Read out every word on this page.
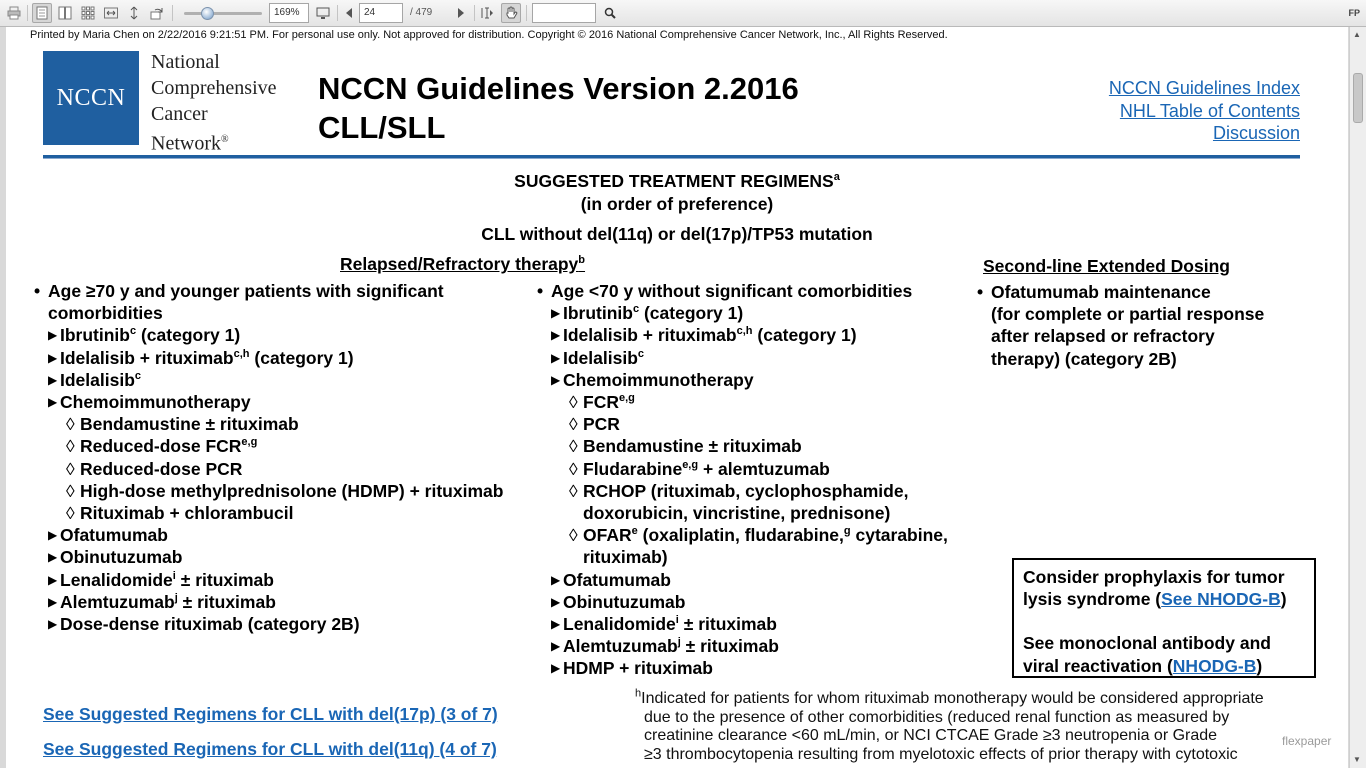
169%	24	/ 479	FP
▲
▼
Printed by Maria Chen on 2/22/2016 9:21:51 PM. For personal use only. Not approved for distribution. Copyright © 2016 National Comprehensive Cancer Network, Inc., All Rights Reserved.
NCCN
National
Comprehensive
Cancer
Network®
NCCN Guidelines Version 2.2016
CLL/SLL
NCCN Guidelines Index
NHL Table of Contents
Discussion
SUGGESTED TREATMENT REGIMENS$^a$
(in order of preference)
CLL without del(11q) or del(17p)/TP53 mutation
Relapsed/Refractory therapy$^b$	Second-line Extended Dosing
• Age ≥70 y and younger patients with significant
comorbidities
▶ Ibrutinib$^c$ (category 1)
▶ Idelalisib + rituximab$^{c,h}$ (category 1)
▶ Idelalisib$^c$
▶ Chemoimmunotherapy
◊ Bendamustine ± rituximab
◊ Reduced-dose FCR$^{e,g}$
◊ Reduced-dose PCR
◊ High-dose methylprednisolone (HDMP) + rituximab
◊ Rituximab + chlorambucil
▶ Ofatumumab
▶ Obinutuzumab
▶ Lenalidomide$^i$ ± rituximab
▶ Alemtuzumab$^j$ ± rituximab
▶ Dose-dense rituximab (category 2B)
• Age <70 y without significant comorbidities
▶ Ibrutinib$^c$ (category 1)
▶ Idelalisib + rituximab$^{c,h}$ (category 1)
▶ Idelalisib$^c$
▶ Chemoimmunotherapy
◊ FCR$^{e,g}$
◊ PCR
◊ Bendamustine ± rituximab
◊ Fludarabine$^{e,g}$ + alemtuzumab
◊ RCHOP (rituximab, cyclophosphamide,
doxorubicin, vincristine, prednisone)
◊ OFAR$^e$ (oxaliplatin, fludarabine,$^g$ cytarabine,
rituximab)
▶ Ofatumumab
▶ Obinutuzumab
▶ Lenalidomide$^i$ ± rituximab
▶ Alemtuzumab$^j$ ± rituximab
▶ HDMP + rituximab
• Ofatumumab maintenance
(for complete or partial response
after relapsed or refractory
therapy) (category 2B)
Consider prophylaxis for tumor
lysis syndrome (See NHODG-B)
See monoclonal antibody and
viral reactivation (NHODG-B)
$^h$Indicated for patients for whom rituximab monotherapy would be considered appropriate
due to the presence of other comorbidities (reduced renal function as measured by
creatinine clearance <60 mL/min, or NCI CTCAE Grade ≥3 neutropenia or Grade
≥3 thrombocytopenia resulting from myelotoxic effects of prior therapy with cytotoxic
See Suggested Regimens for CLL with del(17p) (3 of 7)
See Suggested Regimens for CLL with del(11q) (4 of 7)	flexpaper
